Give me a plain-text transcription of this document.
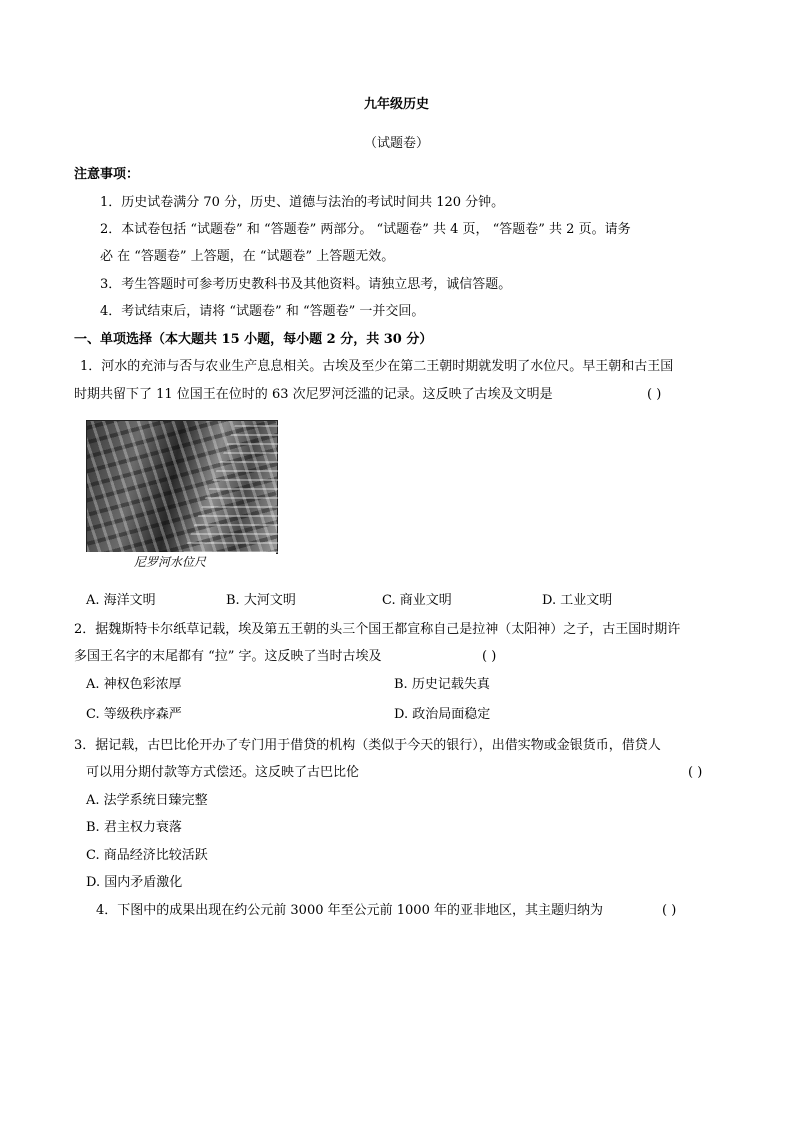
九年级历史
（试题卷）
注意事项：
1．历史试卷满分 70 分，历史、道德与法治的考试时间共 120 分钟。
2．本试卷包括 “试题卷” 和 “答题卷” 两部分。 “试题卷” 共 4 页， “答题卷” 共 2 页。请务
必 在 “答题卷” 上答题，在 “试题卷” 上答题无效。
3．考生答题时可参考历史教科书及其他资料。请独立思考，诚信答题。
4．考试结束后，请将 “试题卷” 和 “答题卷” 一并交回。
一、单项选择（本大题共 15 小题，每小题 2 分，共 30 分）
1．河水的充沛与否与农业生产息息相关。古埃及至少在第二王朝时期就发明了水位尺。早王朝和古王国
时期共留下了 11 位国王在位时的 63 次尼罗河泛滥的记录。这反映了古埃及文明是	( )
尼罗河水位尺
A. 海洋文明	B. 大河文明	C. 商业文明	D. 工业文明
2．据魏斯特卡尔纸草记载，埃及第五王朝的头三个国王都宣称自己是拉神（太阳神）之子，古王国时期许
多国王名字的末尾都有 “拉” 字。这反映了当时古埃及	( )
A. 神权色彩浓厚	B. 历史记载失真
C. 等级秩序森严	D. 政治局面稳定
3．据记载，古巴比伦开办了专门用于借贷的机构（类似于今天的银行），出借实物或金银货币，借贷人
可以用分期付款等方式偿还。这反映了古巴比伦	( )
A. 法学系统日臻完整
B. 君主权力衰落
C. 商品经济比较活跃
D. 国内矛盾激化
4．下图中的成果出现在约公元前 3000 年至公元前 1000 年的亚非地区，其主题归纳为	( )
